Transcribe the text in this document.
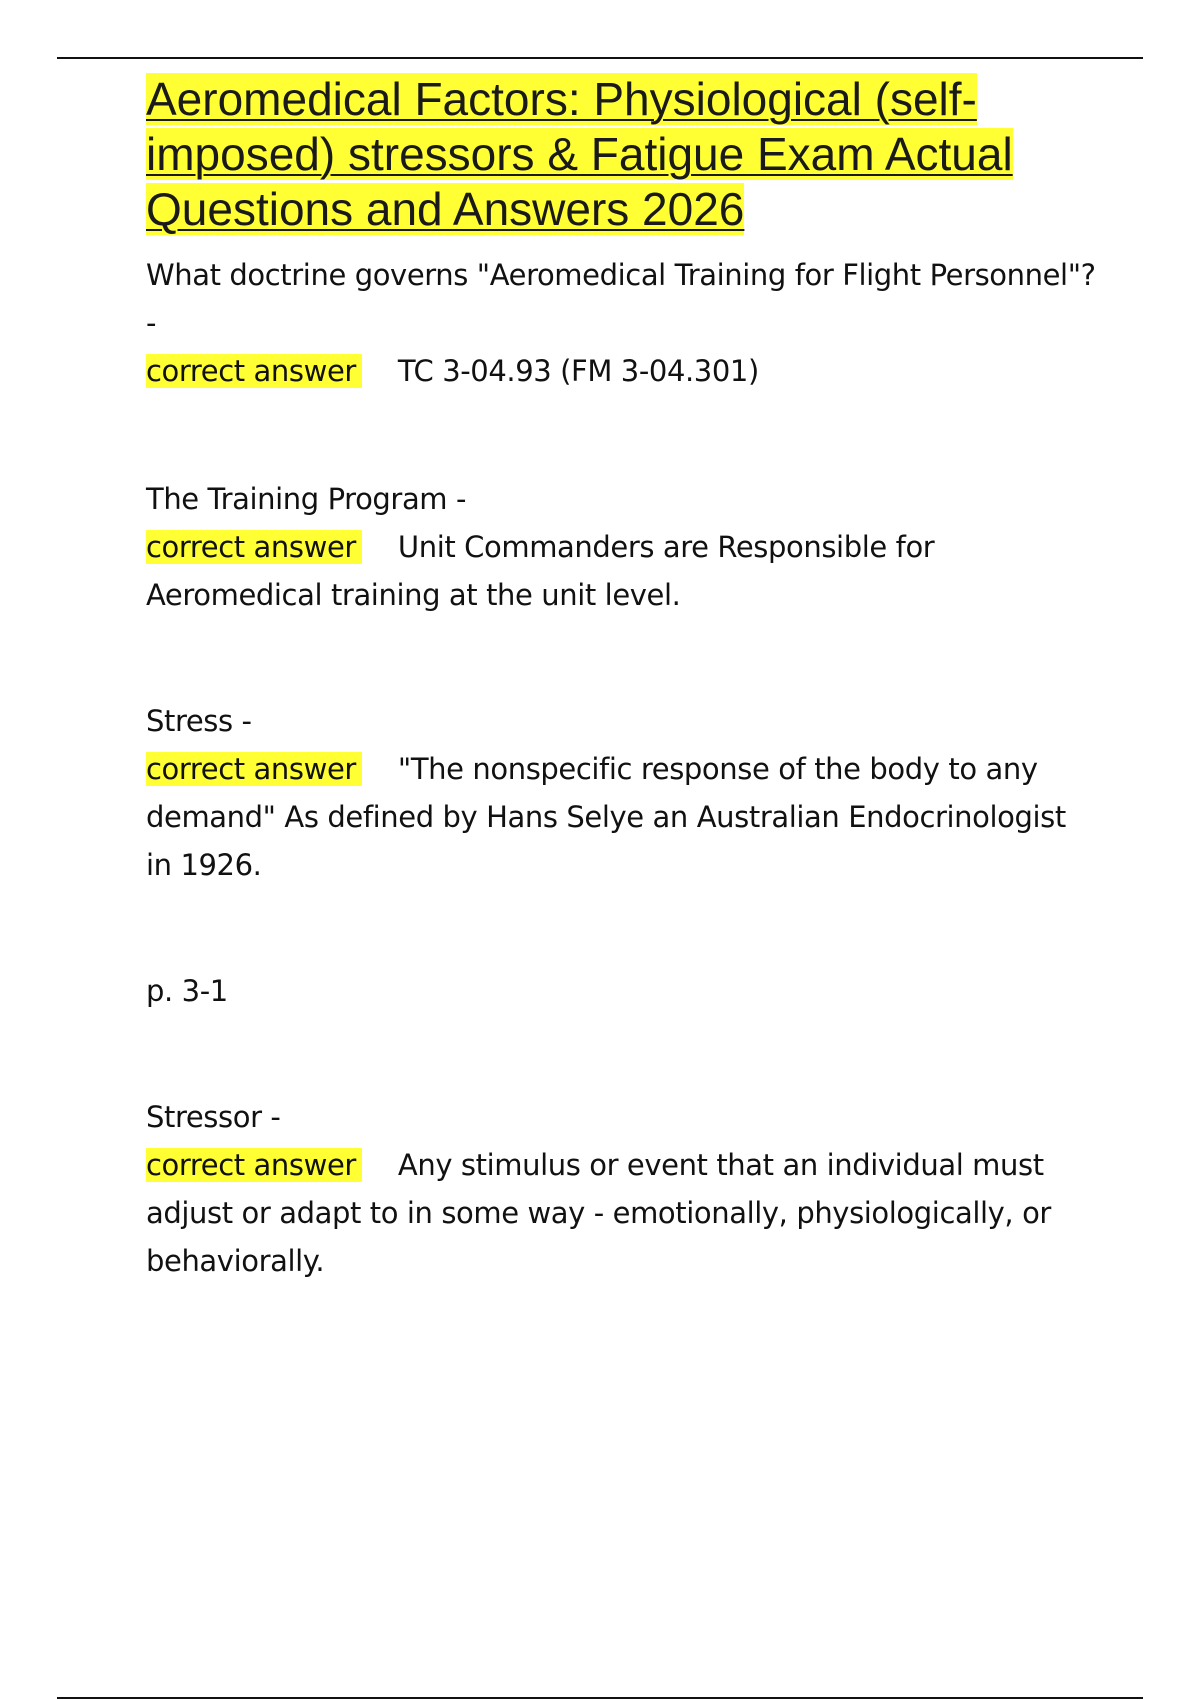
Aeromedical Factors: Physiological (self-imposed) stressors & Fatigue Exam Actual Questions and Answers 2026

What doctrine governs "Aeromedical Training for Flight Personnel"?

-

correct answer TC 3-04.93 (FM 3-04.301)

The Training Program -

correct answer Unit Commanders are Responsible for Aeromedical training at the unit level.

Stress -

correct answer "The nonspecific response of the body to any demand" As defined by Hans Selye an Australian Endocrinologist in 1926.

p. 3-1

Stressor -

correct answer Any stimulus or event that an individual must adjust or adapt to in some way - emotionally, physiologically, or behaviorally.
